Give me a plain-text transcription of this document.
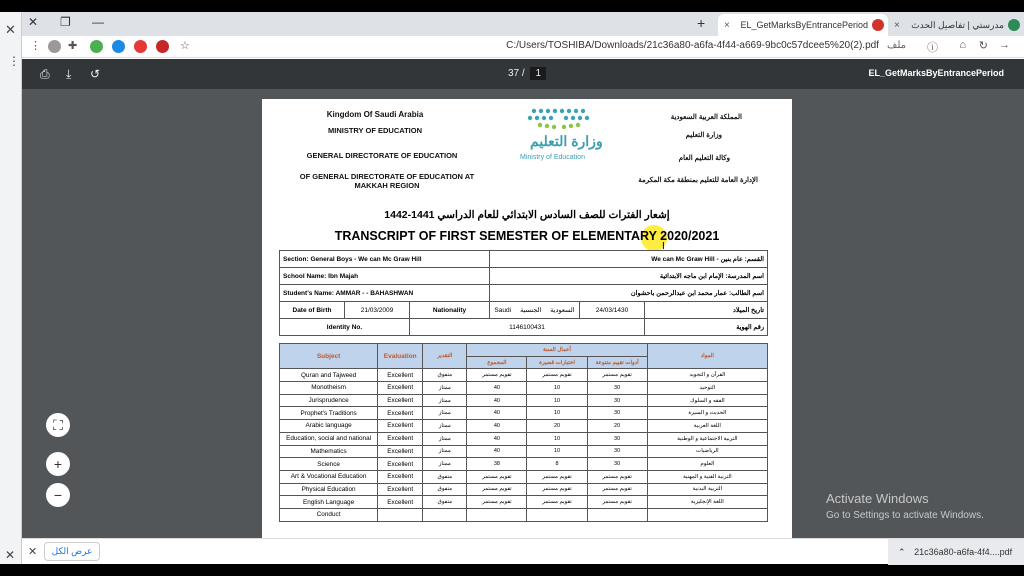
✕
⋮
✕
✕ ❐ —	+	EL_GetMarksByEntrancePeriod
×	مدرستي | تفاصيل الحدث
×
⋮ ✚	☆	C:/Users/TOSHIBA/Downloads/21c36a80-a6fa-4f44-a669-9bc0c57dcee5%20(2).pdf ملف ⓘ ⌂ ↻ →
⎙ ⤓ ↺	37 / 1	EL_GetMarksByEntrancePeriod
⛶
+
−
Kingdom Of Saudi Arabia
MINISTRY OF EDUCATION
GENERAL DIRECTORATE OF EDUCATION
OF GENERAL DIRECTORATE OF EDUCATION AT MAKKAH REGION
وزارة التعليم
Ministry of Education
المملكة العربية السعودية
وزارة التعليم
وكالة التعليم العام
الإدارة العامة للتعليم بمنطقة مكة المكرمة
إشعار الفترات للصف السادس الابتدائي للعام الدراسي 1441-1442
TRANSCRIPT OF FIRST SEMESTER OF ELEMENTARY 2020/2021
Ι
Section: General Boys - We can Mc Graw Hill			القسم: عام بنين - We can Mc Graw Hill		
School Name: Ibn Majah			اسم المدرسة: الإمام ابن ماجه الابتدائية		
Student's Name: AMMAR - - BAHASHWAN			اسم الطالب: عمار محمد ابن عبدالرحمن باحشوان		
Date of Birth	21/03/2009	Nationality	Saudi السعودية     الجنسية	24/03/1430	تاريخ الميلاد
Identity No.		1146100431			رقم الهوية
Subject	Evaluation	التقدير	أعمال السنة			المواد
			المجموع	اختبارات قصيرة	أدوات تقييم متنوعة	
Quran and Tajweed	Excellent	متفوق	تقويم مستمر	تقويم مستمر	تقويم مستمر	القرآن و التجويد
Monotheism	Excellent	ممتاز	40	10	30	التوحيد
Jurisprudence	Excellent	ممتاز	40	10	30	الفقه و السلوك
Prophet's Traditions	Excellent	ممتاز	40	10	30	الحديث و السيرة
Arabic language	Excellent	ممتاز	40	20	20	اللغة العربية
Education, social and national	Excellent	ممتاز	40	10	30	التربية الاجتماعية و الوطنية
Mathematics	Excellent	ممتاز	40	10	30	الرياضيات
Science	Excellent	ممتاز	38	8	30	العلوم
Art & Vocational Education	Excellent	متفوق	تقويم مستمر	تقويم مستمر	تقويم مستمر	التربية الفنية و المهنية
Physical Education	Excellent	متفوق	تقويم مستمر	تقويم مستمر	تقويم مستمر	التربية البدنية
English Language	Excellent	متفوق	تقويم مستمر	تقويم مستمر	تقويم مستمر	اللغة الإنجليزية
Conduct						
Activate Windows
Go to Settings to activate Windows.
✕	عرض الكل	⌃ 21c36a80-a6fa-4f4....pdf
